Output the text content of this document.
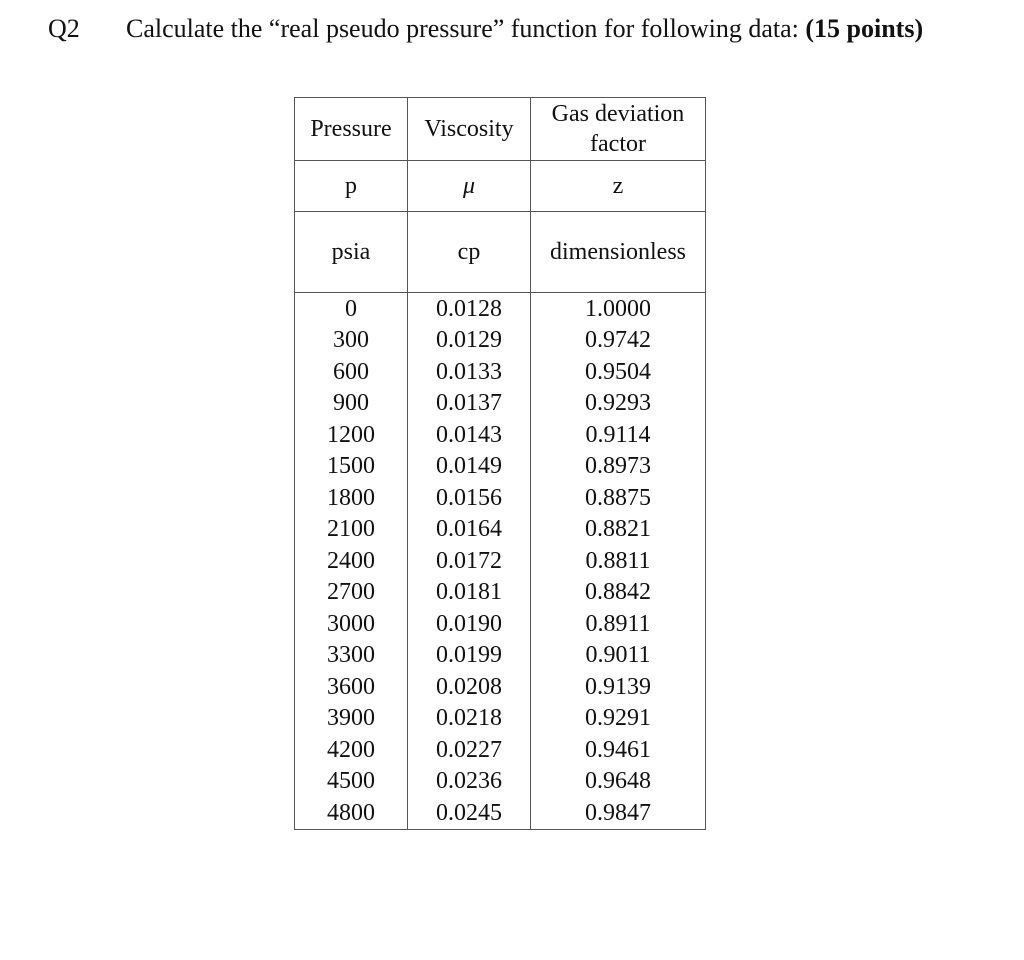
Q2 Calculate the “real pseudo pressure” function for following data: (15 points)
Pressure	Viscosity	Gas deviation
factor

p	μ	z
psia	cp	dimensionless
0	0.0128	1.0000
300	0.0129	0.9742
600	0.0133	0.9504
900	0.0137	0.9293
1200	0.0143	0.9114
1500	0.0149	0.8973
1800	0.0156	0.8875
2100	0.0164	0.8821
2400	0.0172	0.8811
2700	0.0181	0.8842
3000	0.0190	0.8911
3300	0.0199	0.9011
3600	0.0208	0.9139
3900	0.0218	0.9291
4200	0.0227	0.9461
4500	0.0236	0.9648
4800	0.0245	0.9847
